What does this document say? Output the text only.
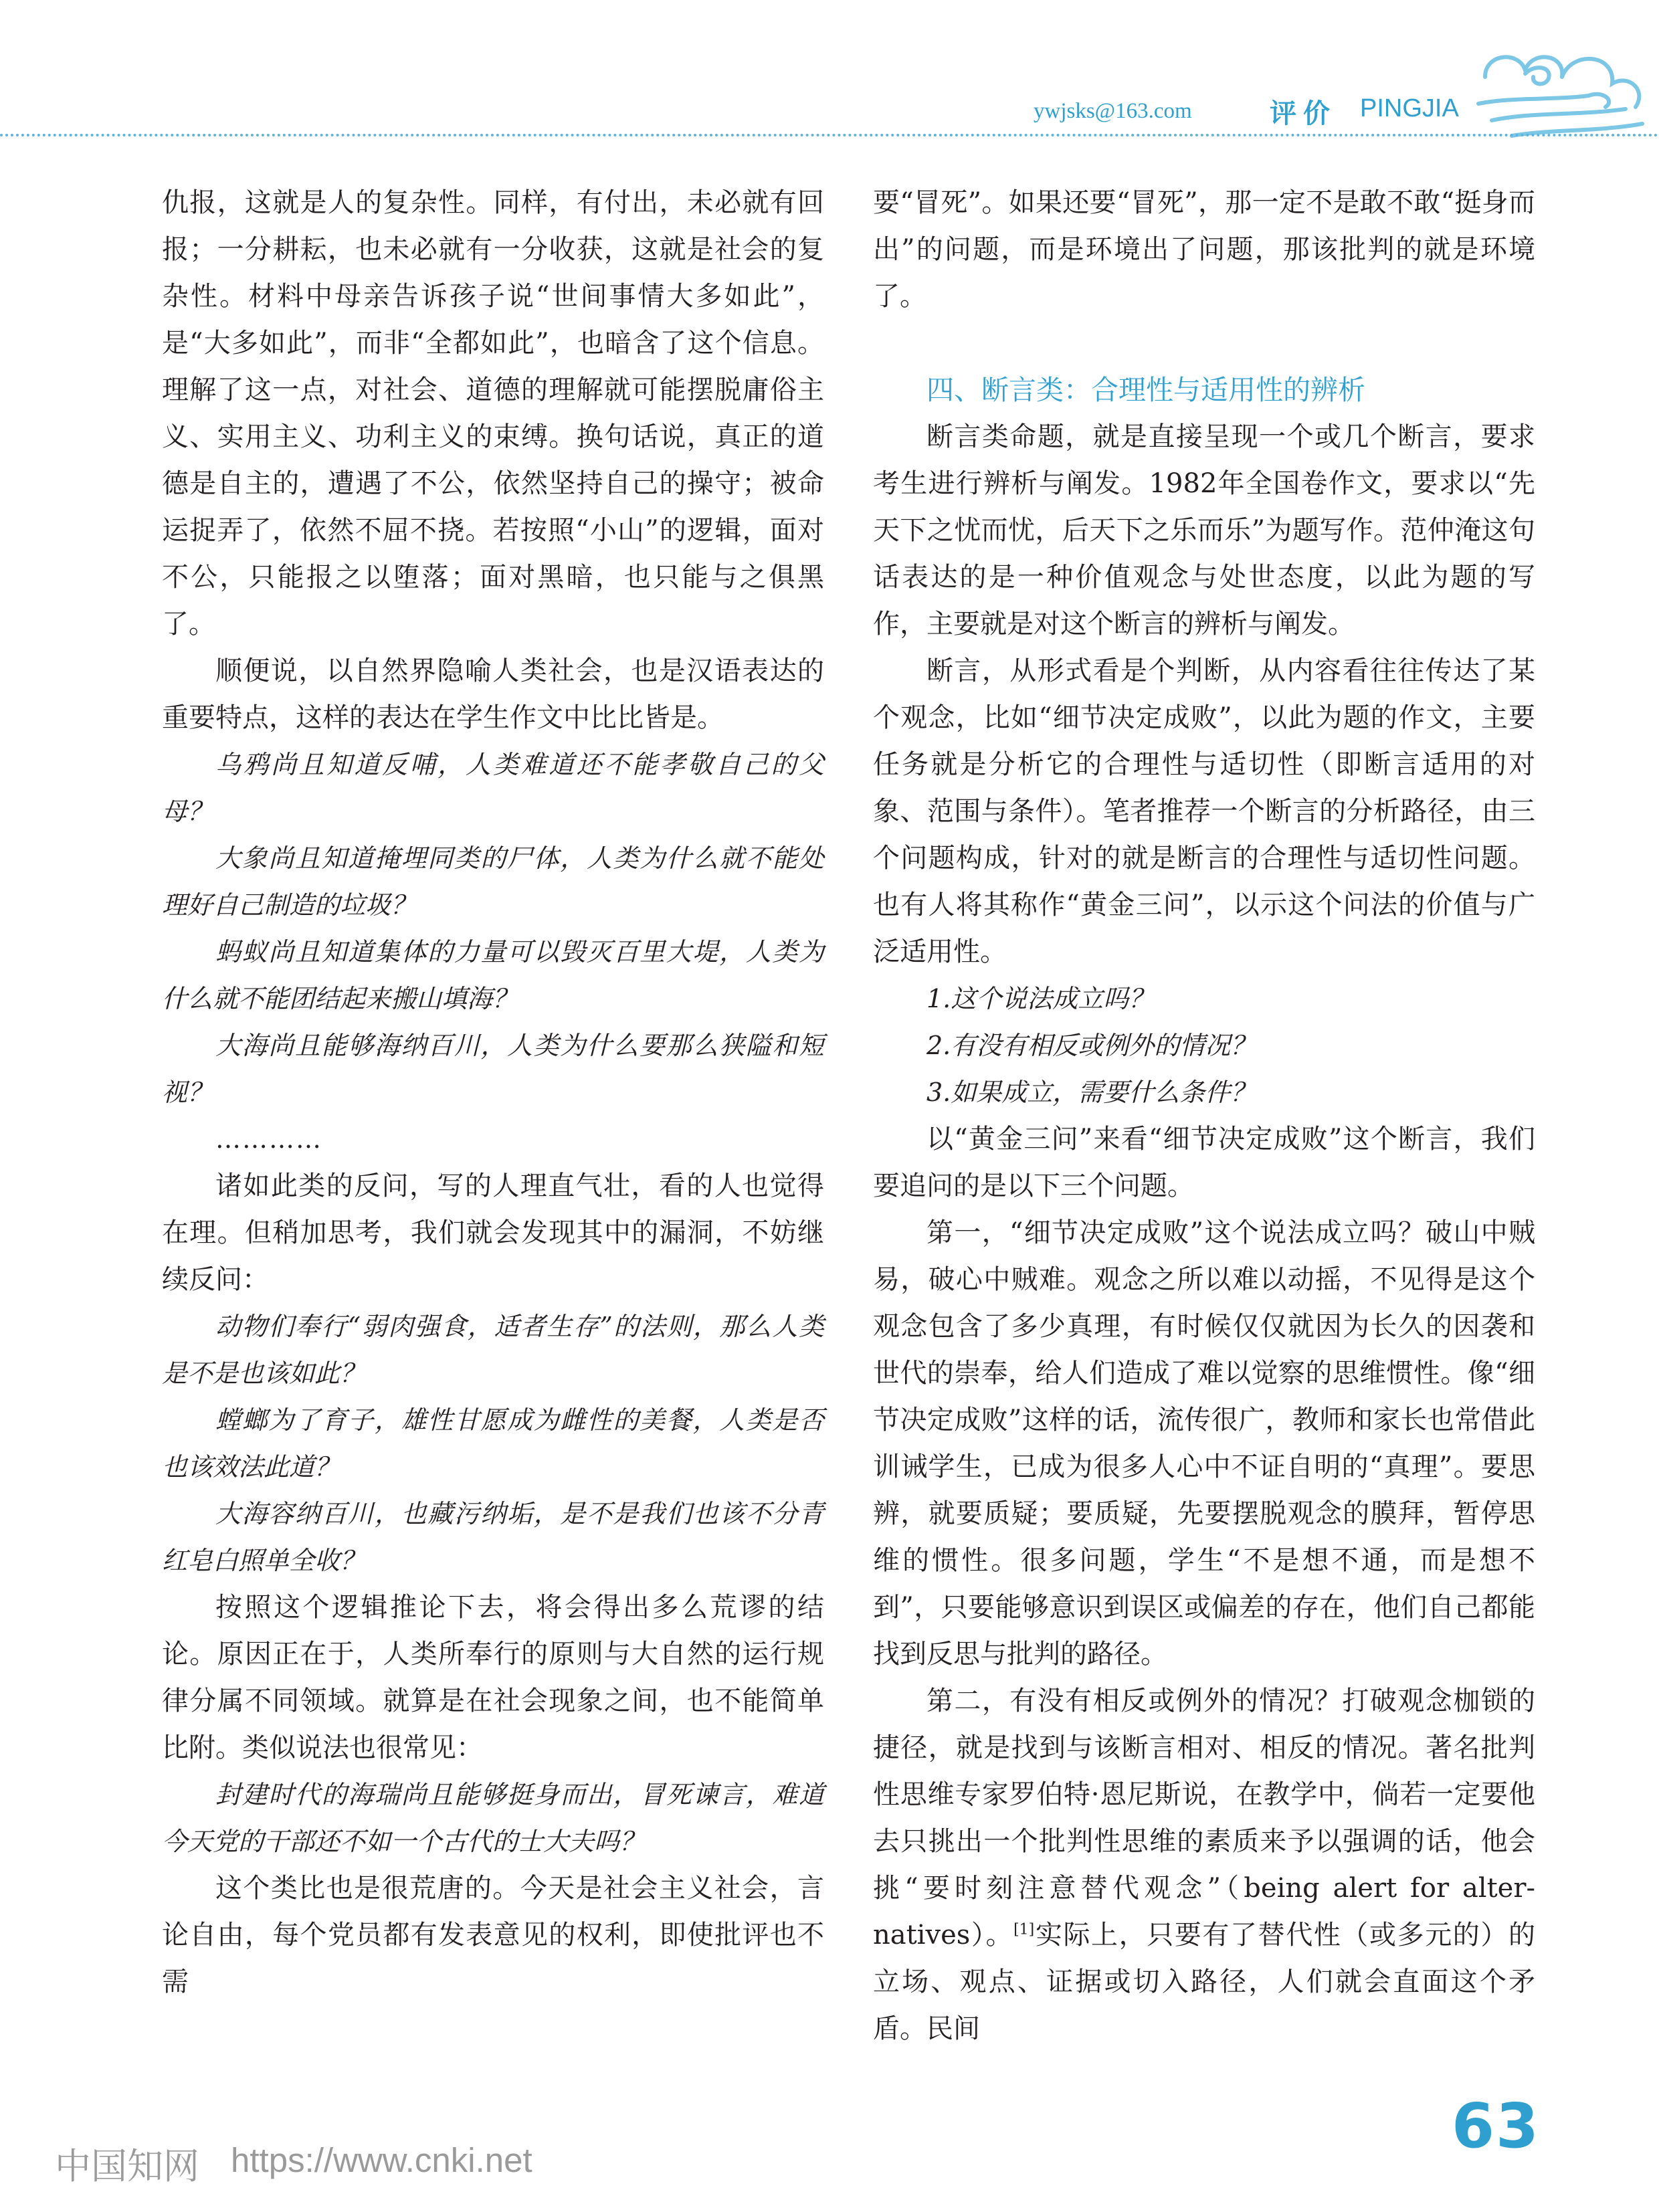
ywjsks@163.com	评价 PINGJIA

仇报，这就是人的复杂性。同样，有付出，未必就有回报；一分耕耘，也未必就有一分收获，这就是社会的复杂性。材料中母亲告诉孩子说“世间事情大多如此”，是“大多如此”，而非“全都如此”，也暗含了这个信息。理解了这一点，对社会、道德的理解就可能摆脱庸俗主义、实用主义、功利主义的束缚。换句话说，真正的道德是自主的，遭遇了不公，依然坚持自己的操守；被命运捉弄了，依然不屈不挠。若按照“小山”的逻辑，面对不公，只能报之以堕落；面对黑暗，也只能与之俱黑了。

顺便说，以自然界隐喻人类社会，也是汉语表达的重要特点，这样的表达在学生作文中比比皆是。

乌鸦尚且知道反哺，人类难道还不能孝敬自己的父母？

大象尚且知道掩埋同类的尸体，人类为什么就不能处理好自己制造的垃圾？

蚂蚁尚且知道集体的力量可以毁灭百里大堤，人类为什么就不能团结起来搬山填海？

大海尚且能够海纳百川，人类为什么要那么狭隘和短视？

…………

诸如此类的反问，写的人理直气壮，看的人也觉得在理。但稍加思考，我们就会发现其中的漏洞，不妨继续反问：

动物们奉行“弱肉强食，适者生存”的法则，那么人类是不是也该如此？

螳螂为了育子，雄性甘愿成为雌性的美餐，人类是否也该效法此道？

大海容纳百川，也藏污纳垢，是不是我们也该不分青红皂白照单全收？

按照这个逻辑推论下去，将会得出多么荒谬的结论。原因正在于，人类所奉行的原则与大自然的运行规律分属不同领域。就算是在社会现象之间，也不能简单比附。类似说法也很常见：

封建时代的海瑞尚且能够挺身而出，冒死谏言，难道今天党的干部还不如一个古代的士大夫吗？

这个类比也是很荒唐的。今天是社会主义社会，言论自由，每个党员都有发表意见的权利，即使批评也不需

要“冒死”。如果还要“冒死”，那一定不是敢不敢“挺身而出”的问题，而是环境出了问题，那该批判的就是环境了。

四、断言类：合理性与适用性的辨析

断言类命题，就是直接呈现一个或几个断言，要求考生进行辨析与阐发。1982年全国卷作文，要求以“先天下之忧而忧，后天下之乐而乐”为题写作。范仲淹这句话表达的是一种价值观念与处世态度，以此为题的写作，主要就是对这个断言的辨析与阐发。

断言，从形式看是个判断，从内容看往往传达了某个观念，比如“细节决定成败”，以此为题的作文，主要任务就是分析它的合理性与适切性（即断言适用的对象、范围与条件）。笔者推荐一个断言的分析路径，由三个问题构成，针对的就是断言的合理性与适切性问题。也有人将其称作“黄金三问”，以示这个问法的价值与广泛适用性。

1.这个说法成立吗？

2.有没有相反或例外的情况？

3.如果成立，需要什么条件？

以“黄金三问”来看“细节决定成败”这个断言，我们要追问的是以下三个问题。

第一，“细节决定成败”这个说法成立吗？破山中贼易，破心中贼难。观念之所以难以动摇，不见得是这个观念包含了多少真理，有时候仅仅就因为长久的因袭和世代的崇奉，给人们造成了难以觉察的思维惯性。像“细节决定成败”这样的话，流传很广，教师和家长也常借此训诫学生，已成为很多人心中不证自明的“真理”。要思辨，就要质疑；要质疑，先要摆脱观念的膜拜，暂停思维的惯性。很多问题，学生“不是想不通，而是想不到”，只要能够意识到误区或偏差的存在，他们自己都能找到反思与批判的路径。

第二，有没有相反或例外的情况？打破观念枷锁的捷径，就是找到与该断言相对、相反的情况。著名批判性思维专家罗伯特·恩尼斯说，在教学中，倘若一定要他去只挑出一个批判性思维的素质来予以强调的话，他会挑“要时刻注意替代观念”（being alert for alter-natives）。[1]实际上，只要有了替代性（或多元的）的立场、观点、证据或切入路径，人们就会直面这个矛盾。民间

63
中国知网 https://www.cnki.net
